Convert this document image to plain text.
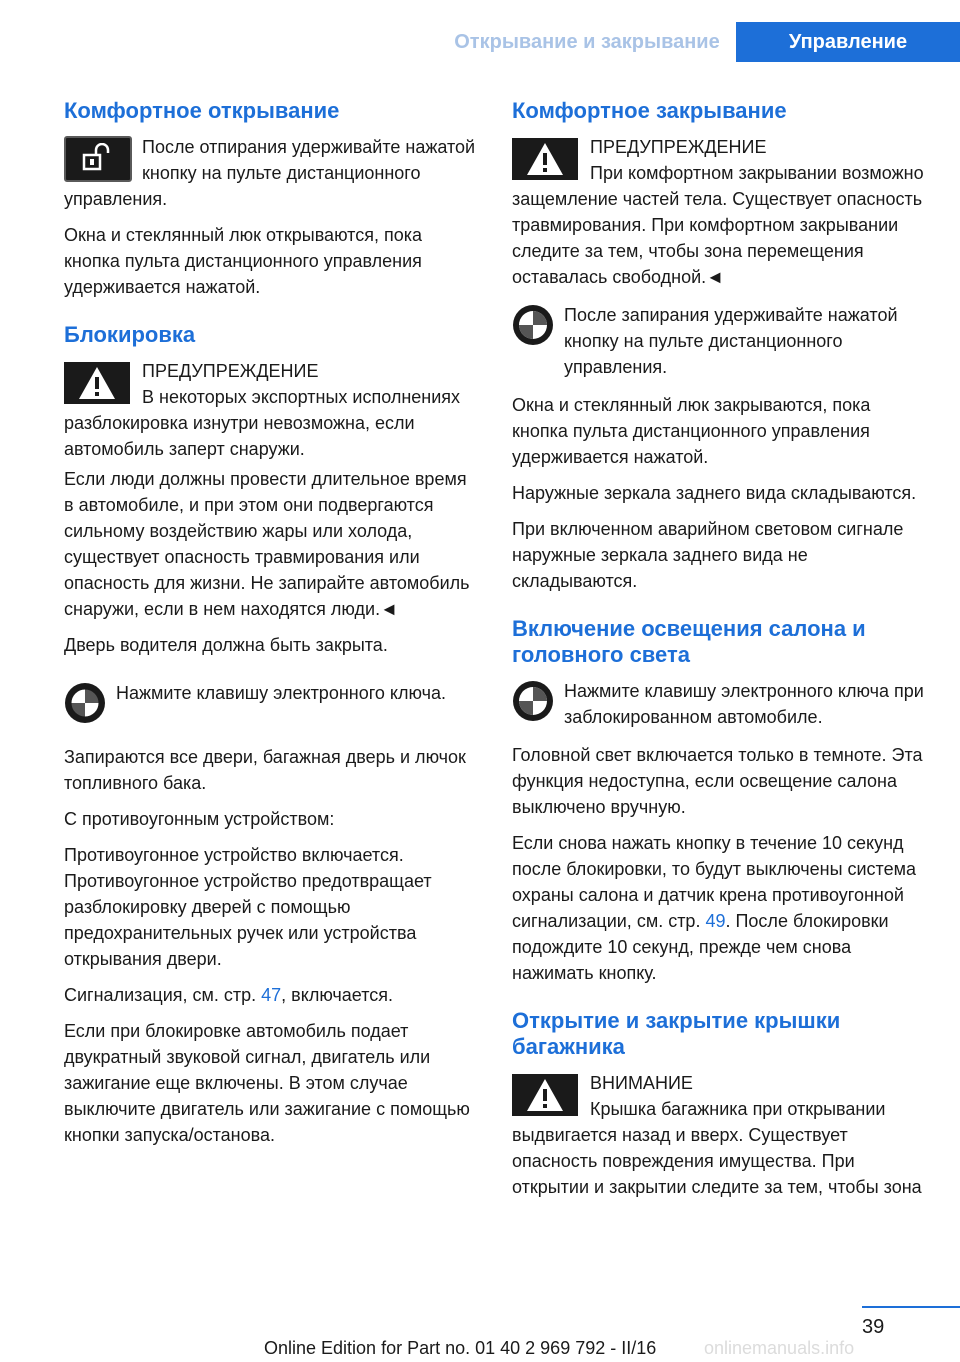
Открывание и закрывание	Управление
Комфортное открывание

После отпирания удерживайте нажатой кнопку на пульте дистанционного управления.

Окна и стеклянный люк открываются, пока кнопка пульта дистанционного управления удерживается нажатой.

Блокировка

ПРЕДУПРЕЖДЕНИЕ
В некоторых экспортных исполнениях разблокировка изнутри невозможна, если автомобиль заперт снаружи.

Если люди должны провести длительное время в автомобиле, и при этом они подвергаются сильному воздействию жары или холода, существует опасность травмирования или опасность для жизни. Не запирайте автомобиль снаружи, если в нем находятся люди.◄

Дверь водителя должна быть закрыта.

Нажмите клавишу электронного ключа.

Запираются все двери, багажная дверь и лючок топливного бака.

С противоугонным устройством:

Противоугонное устройство включается. Противоугонное устройство предотвращает разблокировку дверей с помощью предохранительных ручек или устройства открывания двери.

Сигнализация, см. стр. 47, включается.

Если при блокировке автомобиль подает двукратный звуковой сигнал, двигатель или зажигание еще включены. В этом случае выключите двигатель или зажигание с помощью кнопки запуска/останова.

Комфортное закрывание

ПРЕДУПРЕЖДЕНИЕ
При комфортном закрывании возможно защемление частей тела. Существует опасность травмирования. При комфортном закрывании следите за тем, чтобы зона перемещения оставалась свободной.◄

После запирания удерживайте нажатой кнопку на пульте дистанционного управления.

Окна и стеклянный люк закрываются, пока кнопка пульта дистанционного управления удерживается нажатой.

Наружные зеркала заднего вида складываются.

При включенном аварийном световом сигнале наружные зеркала заднего вида не складываются.

Включение освещения салона и головного света

Нажмите клавишу электронного ключа при заблокированном автомобиле.

Головной свет включается только в темноте. Эта функция недоступна, если освещение салона выключено вручную.

Если снова нажать кнопку в течение 10 секунд после блокировки, то будут выключены система охраны салона и датчик крена противоугонной сигнализации, см. стр. 49. После блокировки подождите 10 секунд, прежде чем снова нажимать кнопку.

Открытие и закрытие крышки багажника

ВНИМАНИЕ
Крышка багажника при открывании выдвигается назад и вверх. Существует опасность повреждения имущества. При открытии и закрытии следите за тем, чтобы зона

39
Online Edition for Part no. 01 40 2 969 792 - II/16	onlinemanuals.info
